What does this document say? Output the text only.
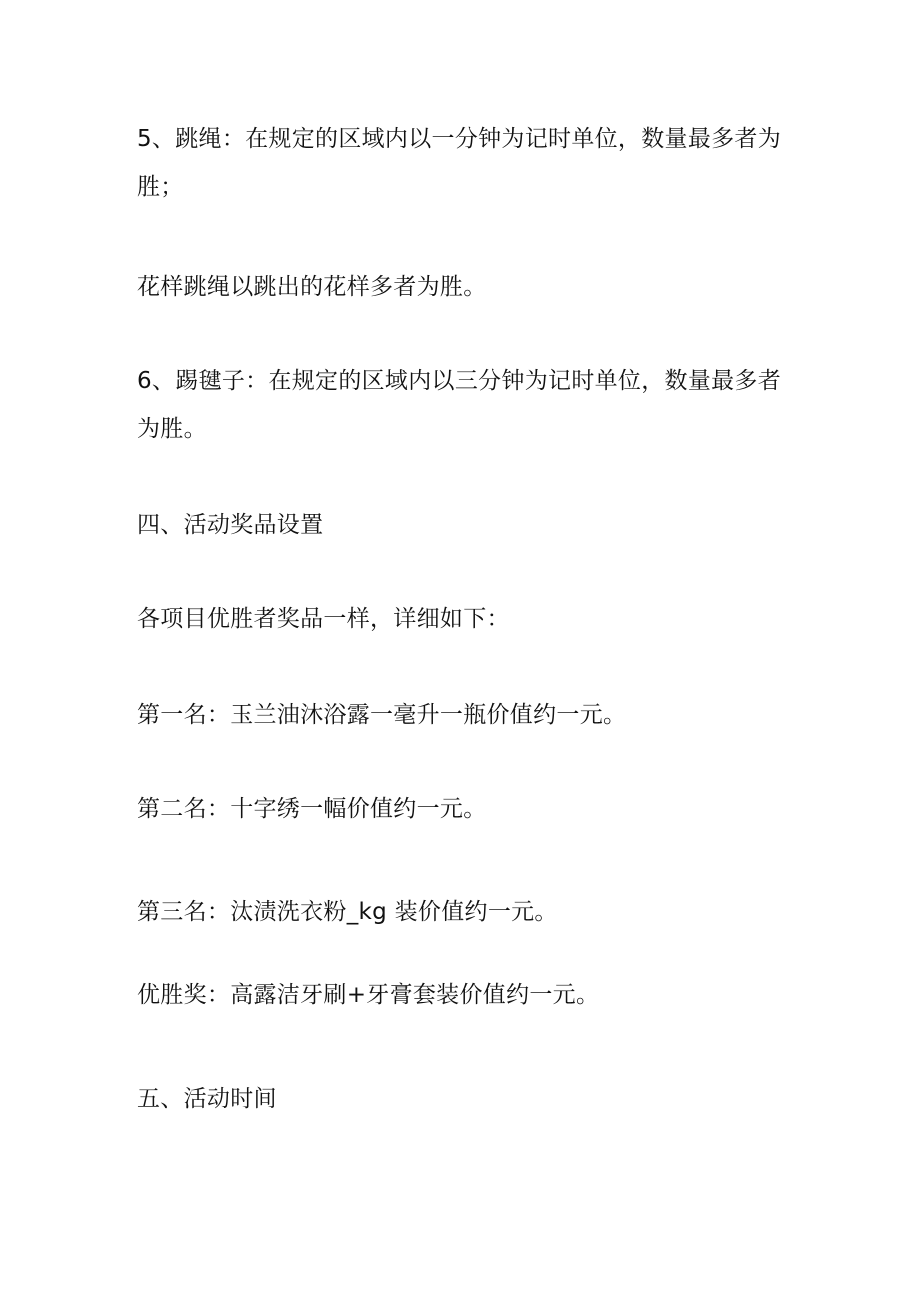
5、跳绳：在规定的区域内以一分钟为记时单位，数量最多者为胜；

花样跳绳以跳出的花样多者为胜。

6、踢毽子：在规定的区域内以三分钟为记时单位，数量最多者为胜。

四、活动奖品设置

各项目优胜者奖品一样，详细如下：

第一名：玉兰油沐浴露一毫升一瓶价值约一元。

第二名：十字绣一幅价值约一元。

第三名：汰渍洗衣粉_kg 装价值约一元。

优胜奖：高露洁牙刷+牙膏套装价值约一元。

五、活动时间
